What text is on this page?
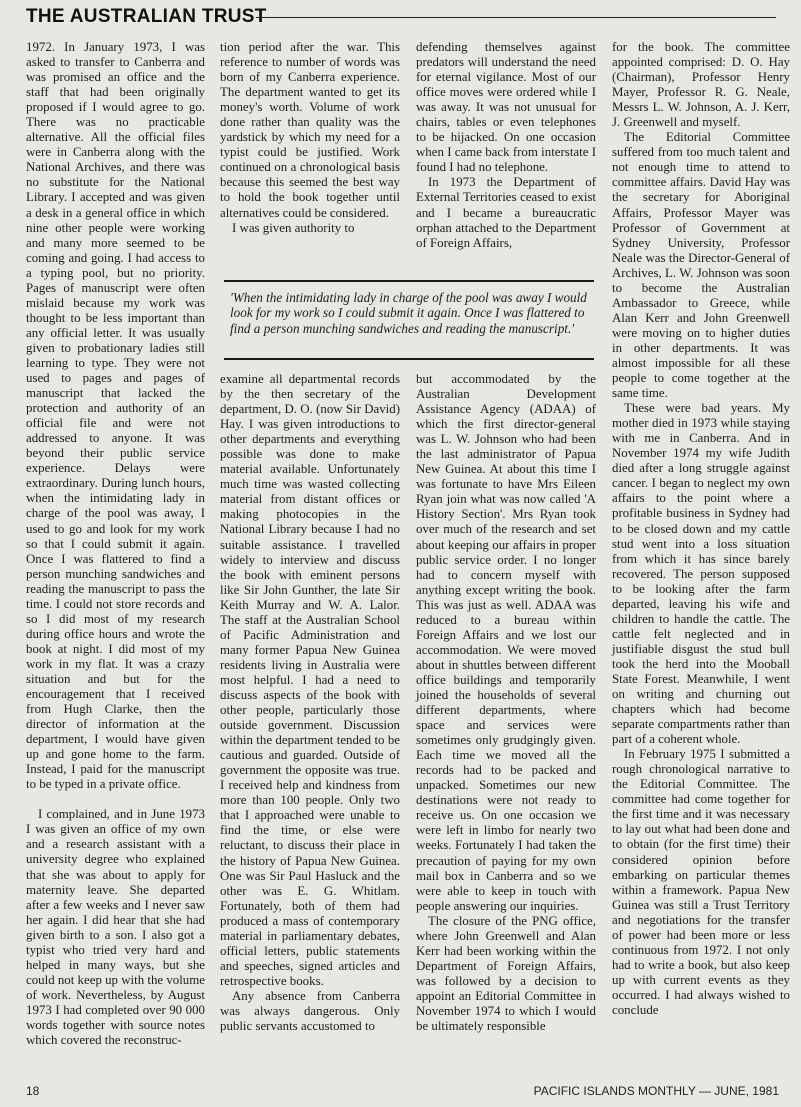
THE AUSTRALIAN TRUST

1972. In January 1973, I was asked to transfer to Canberra and was promised an office and the staff that had been originally proposed if I would agree to go. There was no practicable alternative. All the official files were in Canberra along with the National Archives, and there was no substitute for the National Library. I accepted and was given a desk in a general office in which nine other people were working and many more seemed to be coming and going. I had access to a typing pool, but no priority. Pages of manuscript were often mislaid because my work was thought to be less important than any official letter. It was usually given to probationary ladies still learning to type. They were not used to pages and pages of manuscript that lacked the protection and authority of an official file and were not addressed to anyone. It was beyond their public service experience. Delays were extraordinary. During lunch hours, when the intimidating lady in charge of the pool was away, I used to go and look for my work so that I could submit it again. Once I was flattered to find a person munching sandwiches and reading the manuscript to pass the time. I could not store records and so I did most of my research during office hours and wrote the book at night. I did most of my work in my flat. It was a crazy situation and but for the encouragement that I received from Hugh Clarke, then the director of information at the department, I would have given up and gone home to the farm. Instead, I paid for the manuscript to be typed in a private office.

I complained, and in June 1973 I was given an office of my own and a research assistant with a university degree who explained that she was about to apply for maternity leave. She departed after a few weeks and I never saw her again. I did hear that she had given birth to a son. I also got a typist who tried very hard and helped in many ways, but she could not keep up with the volume of work. Nevertheless, by August 1973 I had completed over 90 000 words together with source notes which covered the reconstruc-

tion period after the war. This reference to number of words was born of my Canberra experience. The department wanted to get its money's worth. Volume of work done rather than quality was the yardstick by which my need for a typist could be justified. Work continued on a chronological basis because this seemed the best way to hold the book together until alternatives could be considered.

I was given authority to

defending themselves against predators will understand the need for eternal vigilance. Most of our office moves were ordered while I was away. It was not unusual for chairs, tables or even telephones to be hijacked. On one occasion when I came back from interstate I found I had no telephone.

In 1973 the Department of External Territories ceased to exist and I became a bureaucratic orphan attached to the Department of Foreign Affairs,

'When the intimidating lady in charge of the pool was away I would look for my work so I could submit it again. Once I was flattered to find a person munching sandwiches and reading the manuscript.'

examine all departmental records by the then secretary of the department, D. O. (now Sir David) Hay. I was given introductions to other departments and everything possible was done to make material available. Unfortunately much time was wasted collecting material from distant offices or making photocopies in the National Library because I had no suitable assistance. I travelled widely to interview and discuss the book with eminent persons like Sir John Gunther, the late Sir Keith Murray and W. A. Lalor. The staff at the Australian School of Pacific Administration and many former Papua New Guinea residents living in Australia were most helpful. I had a need to discuss aspects of the book with other people, particularly those outside government. Discussion within the department tended to be cautious and guarded. Outside of government the opposite was true. I received help and kindness from more than 100 people. Only two that I approached were unable to find the time, or else were reluctant, to discuss their place in the history of Papua New Guinea. One was Sir Paul Hasluck and the other was E. G. Whitlam. Fortunately, both of them had produced a mass of contemporary material in parliamentary debates, official letters, public statements and speeches, signed articles and retrospective books.

Any absence from Canberra was always dangerous. Only public servants accustomed to

but accommodated by the Australian Development Assistance Agency (ADAA) of which the first director-general was L. W. Johnson who had been the last administrator of Papua New Guinea. At about this time I was fortunate to have Mrs Eileen Ryan join what was now called 'A History Section'. Mrs Ryan took over much of the research and set about keeping our affairs in proper public service order. I no longer had to concern myself with anything except writing the book. This was just as well. ADAA was reduced to a bureau within Foreign Affairs and we lost our accommodation. We were moved about in shuttles between different office buildings and temporarily joined the households of several different departments, where space and services were sometimes only grudgingly given. Each time we moved all the records had to be packed and unpacked. Sometimes our new destinations were not ready to receive us. On one occasion we were left in limbo for nearly two weeks. Fortunately I had taken the precaution of paying for my own mail box in Canberra and so we were able to keep in touch with people answering our inquiries.

The closure of the PNG office, where John Greenwell and Alan Kerr had been working within the Department of Foreign Affairs, was followed by a decision to appoint an Editorial Committee in November 1974 to which I would be ultimately responsible

for the book. The committee appointed comprised: D. O. Hay (Chairman), Professor Henry Mayer, Professor R. G. Neale, Messrs L. W. Johnson, A. J. Kerr, J. Greenwell and myself.

The Editorial Committee suffered from too much talent and not enough time to attend to committee affairs. David Hay was the secretary for Aboriginal Affairs, Professor Mayer was Professor of Government at Sydney University, Professor Neale was the Director-General of Archives, L. W. Johnson was soon to become the Australian Ambassador to Greece, while Alan Kerr and John Greenwell were moving on to higher duties in other departments. It was almost impossible for all these people to come together at the same time.

These were bad years. My mother died in 1973 while staying with me in Canberra. And in November 1974 my wife Judith died after a long struggle against cancer. I began to neglect my own affairs to the point where a profitable business in Sydney had to be closed down and my cattle stud went into a loss situation from which it has since barely recovered. The person supposed to be looking after the farm departed, leaving his wife and children to handle the cattle. The cattle felt neglected and in justifiable disgust the stud bull took the herd into the Mooball State Forest. Meanwhile, I went on writing and churning out chapters which had become separate compartments rather than part of a coherent whole.

In February 1975 I submitted a rough chronological narrative to the Editorial Committee. The committee had come together for the first time and it was necessary to lay out what had been done and to obtain (for the first time) their considered opinion before embarking on particular themes within a framework. Papua New Guinea was still a Trust Territory and negotiations for the transfer of power had been more or less continuous from 1972. I not only had to write a book, but also keep up with current events as they occurred. I had always wished to conclude

18	PACIFIC ISLANDS MONTHLY — JUNE, 1981
